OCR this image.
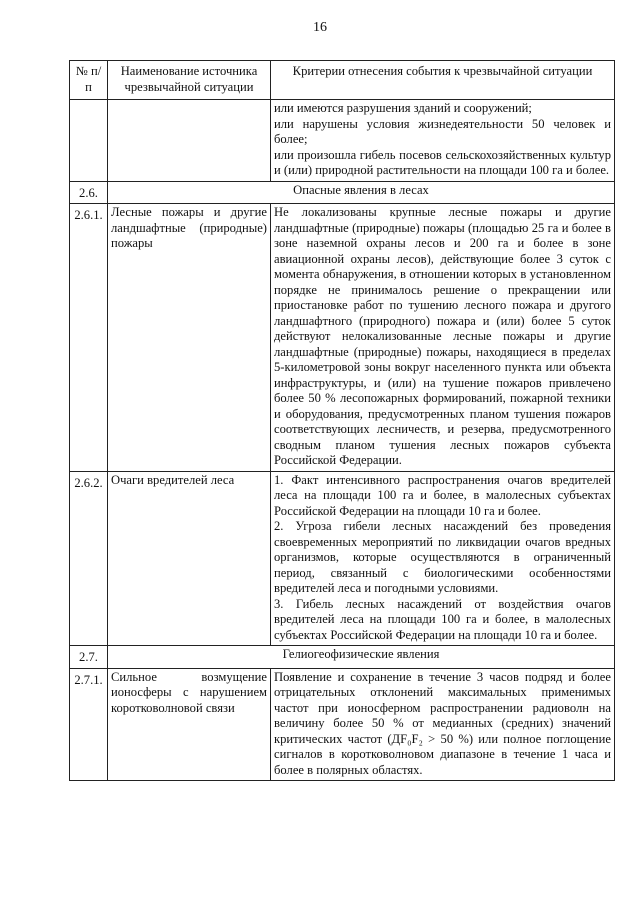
16
№ п/п	Наименование источника чрезвычайной ситуации	Критерии отнесения события к чрезвычайной ситуации

		или имеются разрушения зданий и сооружений;
или нарушены условия жизнедеятельности 50 человек и более;
или произошла гибель посевов сельскохозяйственных культур и (или) природной растительности на площади 100 га и более.

2.6.	Опасные явления в лесах	
2.6.1.	Лесные пожары и другие ландшафтные (природные) пожары	Не локализованы крупные лесные пожары и другие ландшафтные (природные) пожары (площадью 25 га и более в зоне наземной охраны лесов и 200 га и более в зоне авиационной охраны лесов), действующие более 3 суток с момента обнаружения, в отношении которых в установленном порядке не принималось решение о прекращении или приостановке работ по тушению лесного пожара и другого ландшафтного (природного) пожара и (или) более 5 суток действуют нелокализованные лесные пожары и другие ландшафтные (природные) пожары, находящиеся в пределах 5-километровой зоны вокруг населенного пункта или объекта инфраструктуры, и (или) на тушение пожаров привлечено более 50 % лесопожарных формирований, пожарной техники и оборудования, предусмотренных планом тушения пожаров соответствующих лесничеств, и резерва, предусмотренного сводным планом тушения лесных пожаров субъекта Российской Федерации.
2.6.2.	Очаги вредителей леса	1. Факт интенсивного распространения очагов вредителей леса на площади 100 га и более, в малолесных субъектах Российской Федерации на площади 10 га и более.
2. Угроза гибели лесных насаждений без проведения своевременных мероприятий по ликвидации очагов вредных организмов, которые осуществляются в ограниченный период, связанный с биологическими особенностями вредителей леса и погодными условиями.
3. Гибель лесных насаждений от воздействия очагов вредителей леса на площади 100 га и более, в малолесных субъектах Российской Федерации на площади 10 га и более.

2.7.	Гелиогеофизические явления	
2.7.1.	Сильное возмущение ионосферы с нарушением коротковолновой связи	Появление и сохранение в течение 3 часов подряд и более отрицательных отклонений максимальных применимых частот при ионосферном распространении радиоволн на величину более 50 % от медианных (средних) значений критических частот (ДF₀F₂ > 50 %) или полное поглощение сигналов в коротковолновом диапазоне в течение 1 часа и более в полярных областях.
